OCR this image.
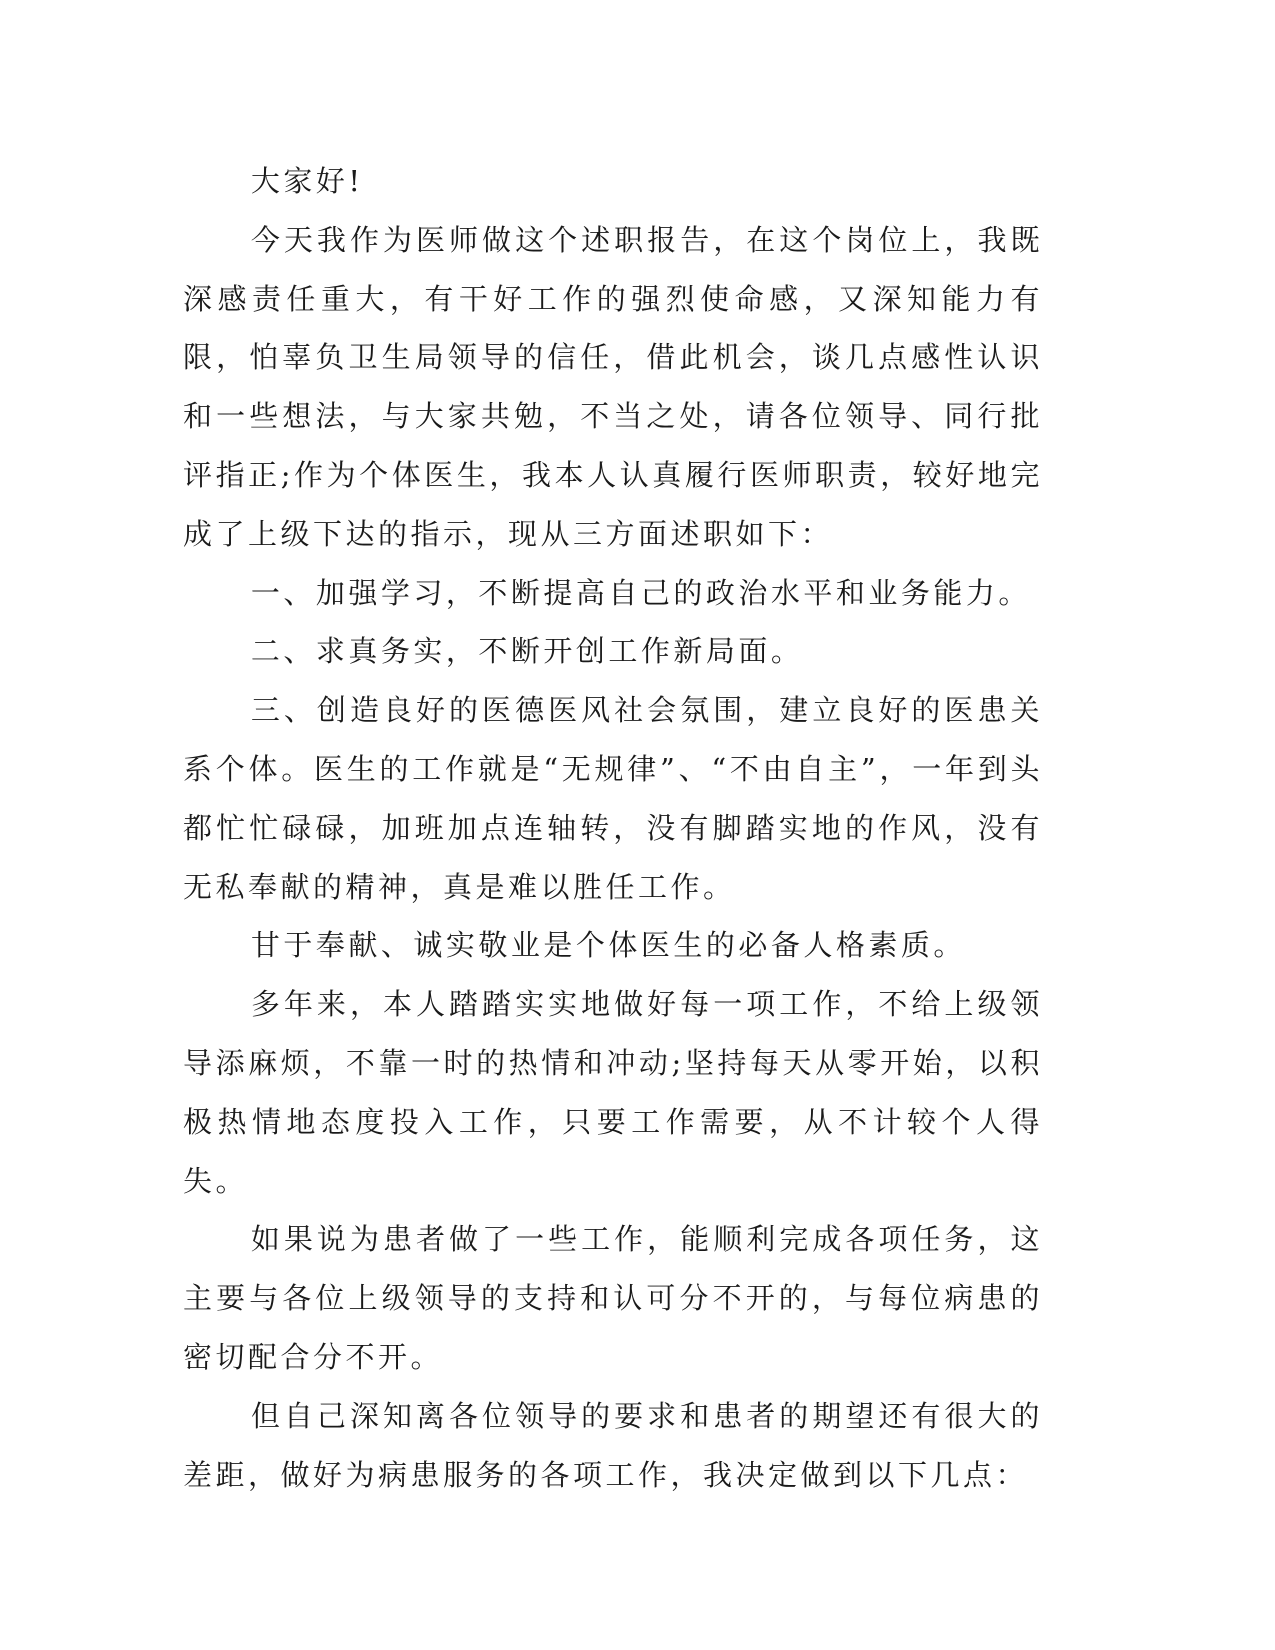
大家好!

今天我作为医师做这个述职报告，在这个岗位上，我既深感责任重大，有干好工作的强烈使命感，又深知能力有限，怕辜负卫生局领导的信任，借此机会，谈几点感性认识和一些想法，与大家共勉，不当之处，请各位领导、同行批评指正;作为个体医生，我本人认真履行医师职责，较好地完成了上级下达的指示，现从三方面述职如下：

一、加强学习，不断提高自己的政治水平和业务能力。

二、求真务实，不断开创工作新局面。

三、创造良好的医德医风社会氛围，建立良好的医患关系个体。医生的工作就是“无规律”、“不由自主”，一年到头都忙忙碌碌，加班加点连轴转，没有脚踏实地的作风，没有无私奉献的精神，真是难以胜任工作。

甘于奉献、诚实敬业是个体医生的必备人格素质。

多年来，本人踏踏实实地做好每一项工作，不给上级领导添麻烦，不靠一时的热情和冲动;坚持每天从零开始，以积极热情地态度投入工作，只要工作需要，从不计较个人得失。

如果说为患者做了一些工作，能顺利完成各项任务，这主要与各位上级领导的支持和认可分不开的，与每位病患的密切配合分不开。

但自己深知离各位领导的要求和患者的期望还有很大的差距，做好为病患服务的各项工作，我决定做到以下几点：
